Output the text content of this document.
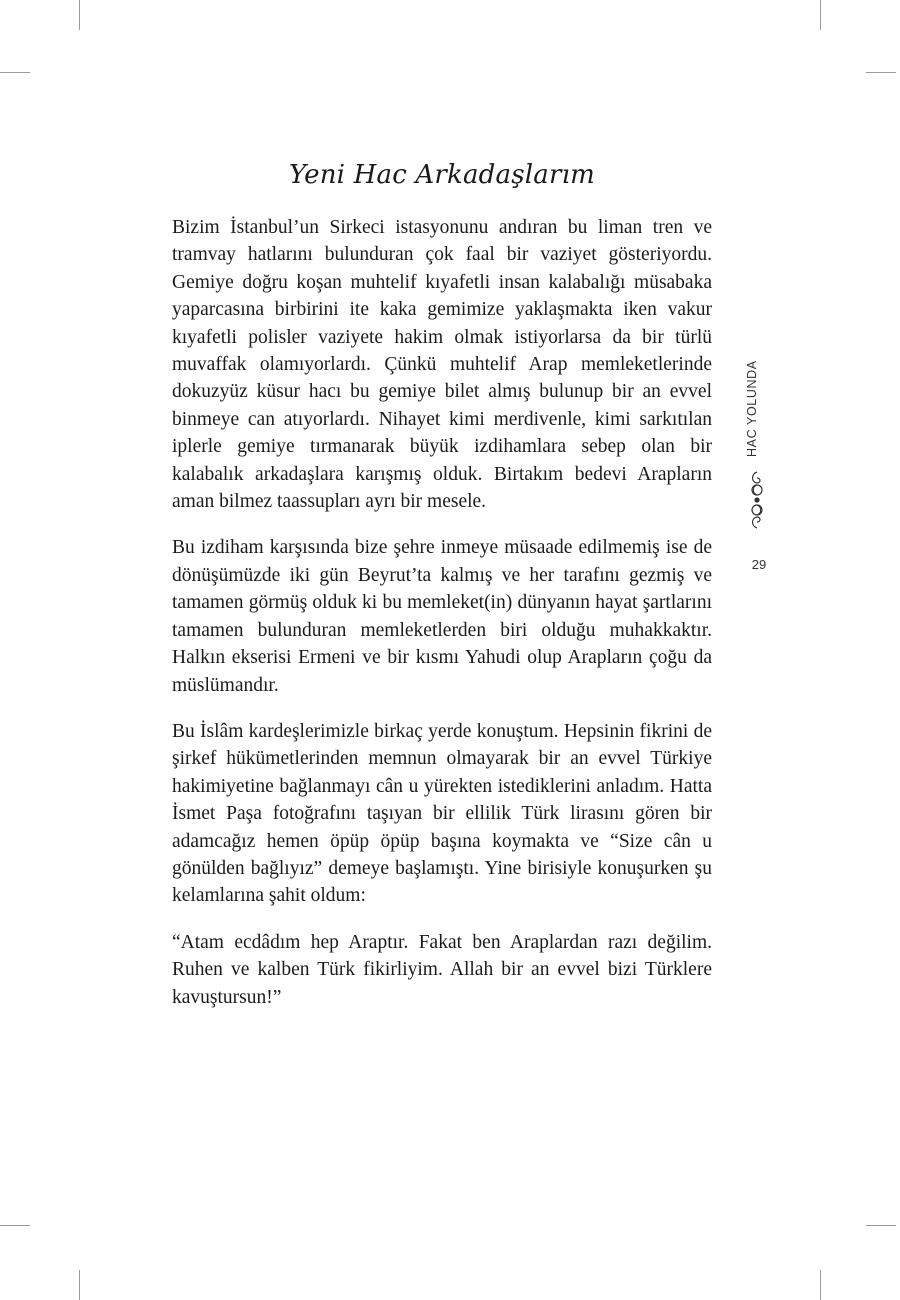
Yeni Hac Arkadaşlarım

Bizim İstanbul’un Sirkeci istasyonunu andıran bu liman tren ve tramvay hatlarını bulunduran çok faal bir vaziyet gösteriyordu. Gemiye doğru koşan muhtelif kıyafetli insan kalabalığı müsabaka yaparcasına birbirini ite kaka gemimize yaklaşmakta iken vakur kıyafetli polisler vaziyete hakim olmak istiyorlarsa da bir türlü muvaffak olamıyorlardı. Çünkü muhtelif Arap memleketlerinde dokuzyüz küsur hacı bu gemiye bilet almış bulunup bir an evvel binmeye can atıyorlardı. Nihayet kimi merdivenle, kimi sarkıtılan iplerle gemiye tırmanarak büyük izdihamlara sebep olan bir kalabalık arkadaşlara karışmış olduk. Birtakım bedevi Arapların aman bilmez taassupları ayrı bir mesele.

Bu izdiham karşısında bize şehre inmeye müsaade edilmemiş ise de dönüşümüzde iki gün Beyrut’ta kalmış ve her tarafını gezmiş ve tamamen görmüş olduk ki bu memleket(in) dünyanın hayat şartlarını tamamen bulunduran memleketlerden biri olduğu muhakkaktır. Halkın ekserisi Ermeni ve bir kısmı Yahudi olup Arapların çoğu da müslümandır.

Bu İslâm kardeşlerimizle birkaç yerde konuştum. Hepsinin fikrini de şirkef hükümetlerinden memnun olmayarak bir an evvel Türkiye hakimiyetine bağlanmayı cân u yürekten istediklerini anladım. Hatta İsmet Paşa fotoğrafını taşıyan bir ellilik Türk lirasını gören bir adamcağız hemen öpüp öpüp başına koymakta ve “Size cân u gönülden bağlıyız” demeye başlamıştı. Yine birisiyle konuşurken şu kelamlarına şahit oldum:

“Atam ecdâdım hep Araptır. Fakat ben Araplardan razı değilim. Ruhen ve kalben Türk fikirliyim. Allah bir an evvel bizi Türklere kavuştursun!”

HAC YOLUNDA
29
